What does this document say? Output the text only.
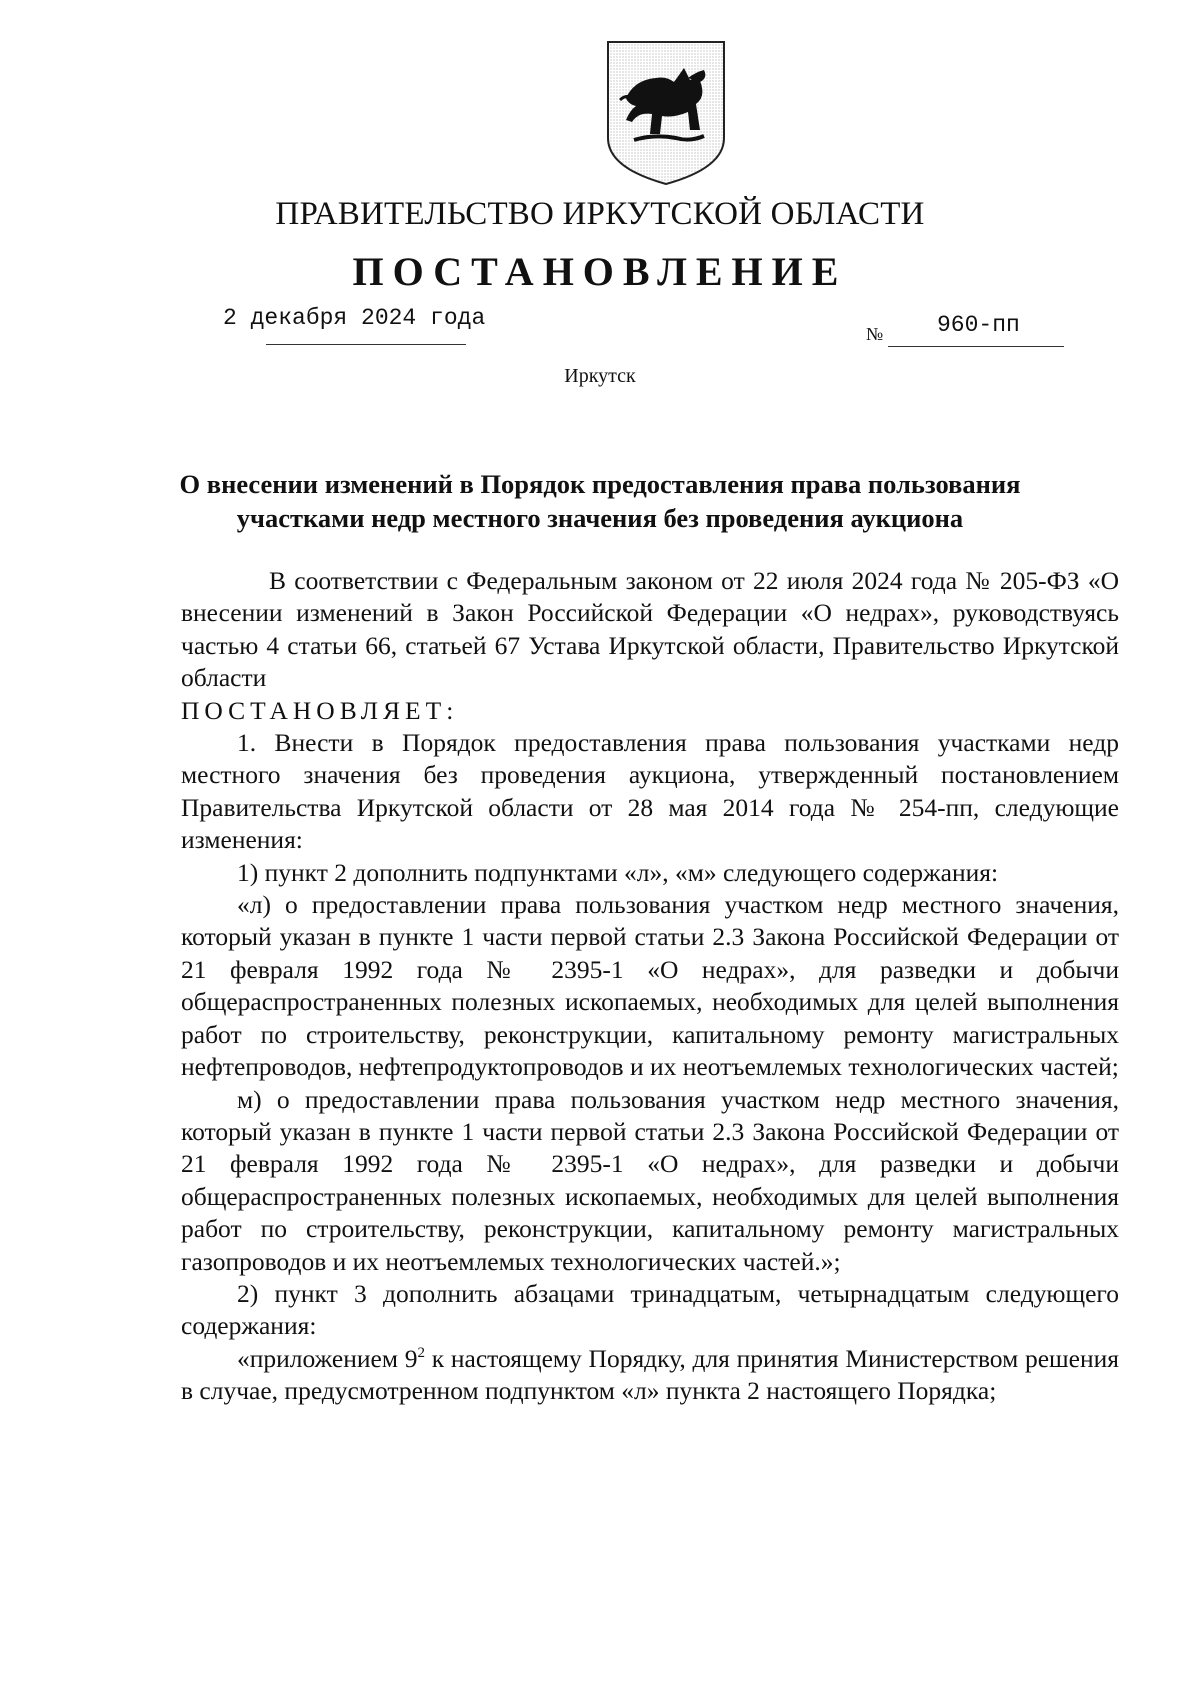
ПРАВИТЕЛЬСТВО ИРКУТСКОЙ ОБЛАСТИ
ПОСТАНОВЛЕНИЕ
2 декабря 2024 года
№ 960-пп
Иркутск
О внесении изменений в Порядок предоставления права пользования
участками недр местного значения без проведения аукциона

В соответствии с Федеральным законом от 22 июля 2024 года № 205-ФЗ «О внесении изменений в Закон Российской Федерации «О недрах», руководствуясь частью 4 статьи 66, статьей 67 Устава Иркутской области, Правительство Иркутской области

ПОСТАНОВЛЯЕТ:

1. Внести в Порядок предоставления права пользования участками недр местного значения без проведения аукциона, утвержденный постановлением Правительства Иркутской области от 28 мая 2014 года № 254-пп, следующие изменения:

1) пункт 2 дополнить подпунктами «л», «м» следующего содержания:

«л) о предоставлении права пользования участком недр местного значения, который указан в пункте 1 части первой статьи 2.3 Закона Российской Федерации от 21 февраля 1992 года № 2395-1 «О недрах», для разведки и добычи общераспространенных полезных ископаемых, необходимых для целей выполнения работ по строительству, реконструкции, капитальному ремонту магистральных нефтепроводов, нефтепродуктопроводов и их неотъемлемых технологических частей;

м) о предоставлении права пользования участком недр местного значения, который указан в пункте 1 части первой статьи 2.3 Закона Российской Федерации от 21 февраля 1992 года № 2395-1 «О недрах», для разведки и добычи общераспространенных полезных ископаемых, необходимых для целей выполнения работ по строительству, реконструкции, капитальному ремонту магистральных газопроводов и их неотъемлемых технологических частей.»;

2) пункт 3 дополнить абзацами тринадцатым, четырнадцатым следующего содержания:

«приложением $9^2$ к настоящему Порядку, для принятия Министерством решения в случае, предусмотренном подпунктом «л» пункта 2 настоящего Порядка;
